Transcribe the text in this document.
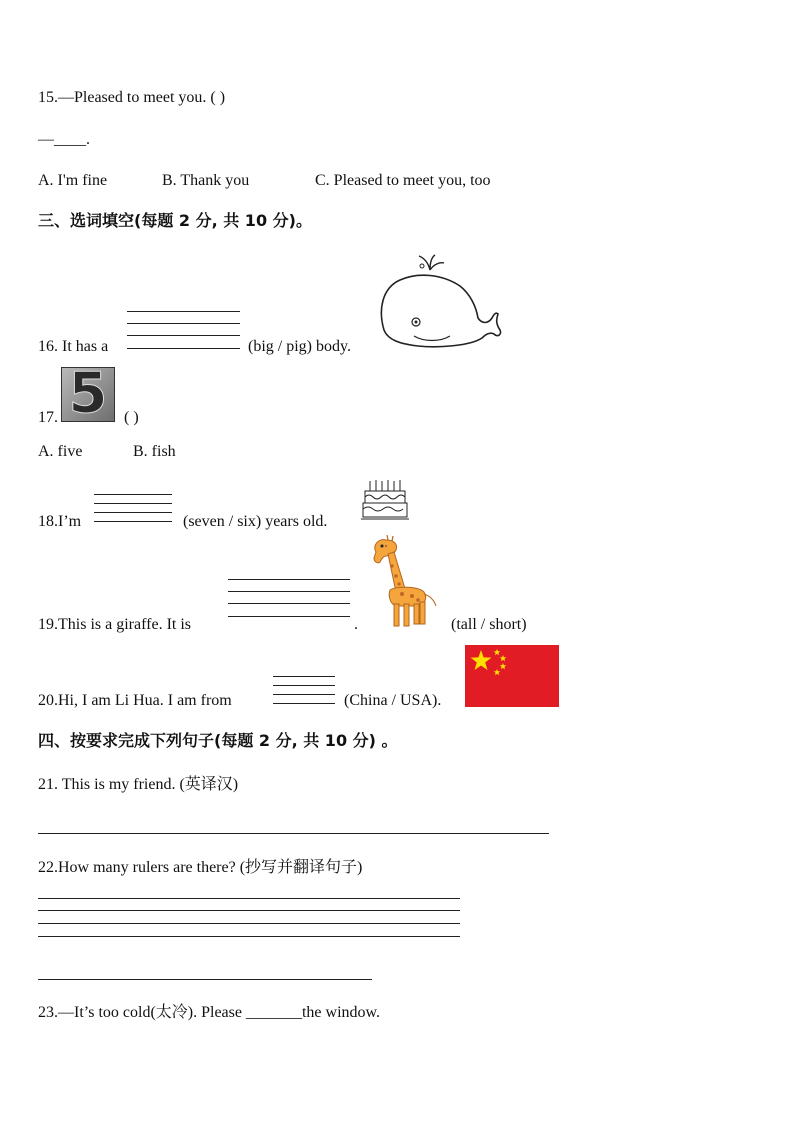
15.—Pleased to meet you. ( )
—____.
A. I'm fine	B. Thank you	C. Pleased to meet you, too
三、选词填空(每题 2 分, 共 10 分)。
16. It has a	(big / pig) body.
17. 5	( )
A. five	B. fish
18.I’m	(seven / six) years old.
19.This is a giraffe. It is	.	(tall / short)
20.Hi, I am Li Hua. I am from	(China / USA).
四、按要求完成下列句子(每题 2 分, 共 10 分) 。
21. This is my friend. (英译汉)
22.How many rulers are there? (抄写并翻译句子)
23.—It’s too cold(太冷). Please _______the window.
